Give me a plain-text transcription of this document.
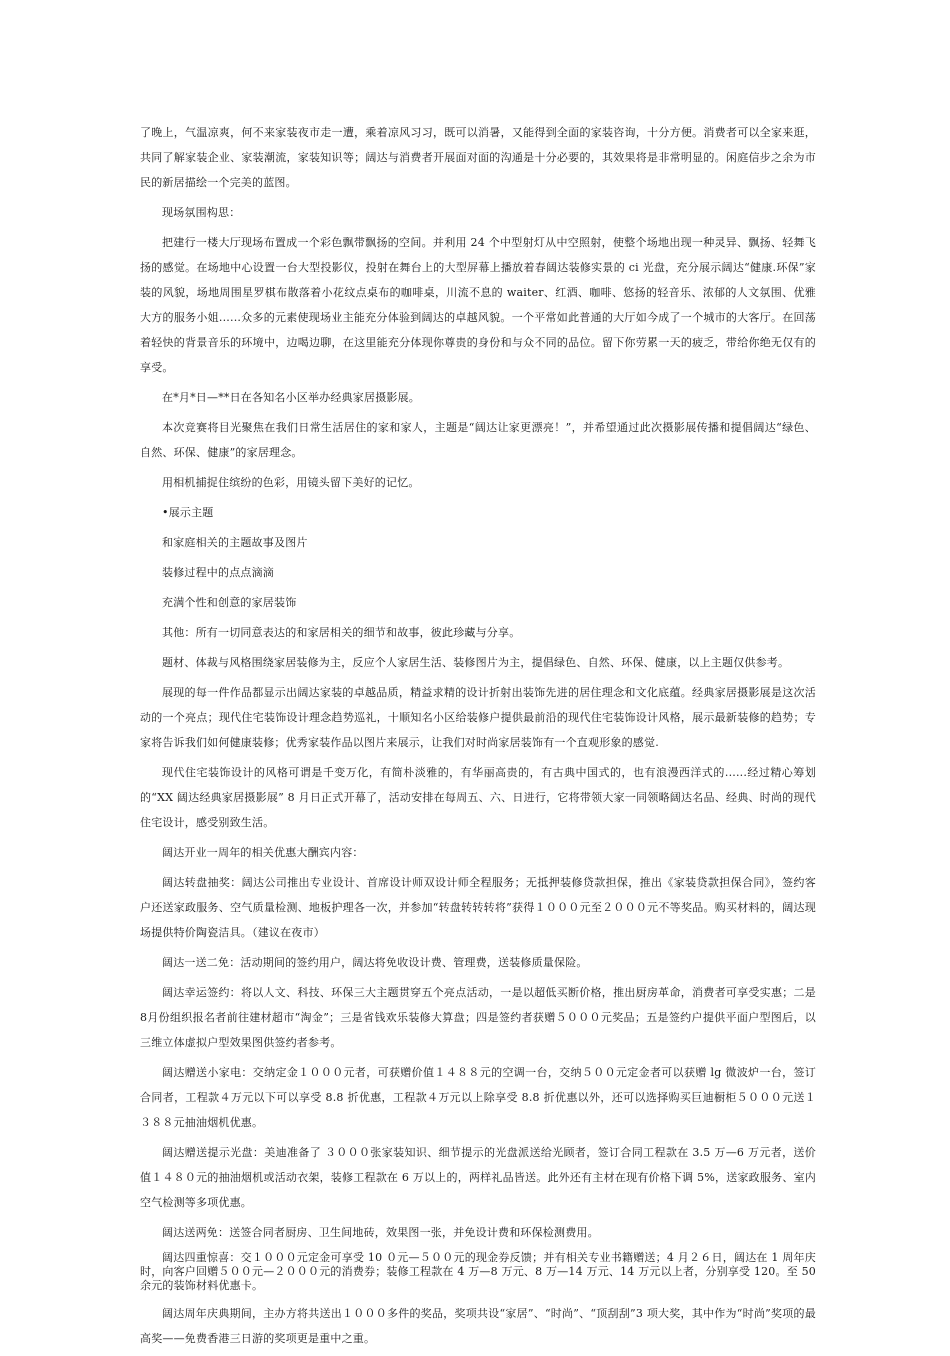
了晚上，气温凉爽，何不来家装夜市走一遭，乘着凉风习习，既可以消暑，又能得到全面的家装咨询，十分方便。消费者可以全家来逛，共同了解家装企业、家装潮流，家装知识等；阔达与消费者开展面对面的沟通是十分必要的，其效果将是非常明显的。闲庭信步之余为市民的新居描绘一个完美的蓝图。

现场氛围构思：

把建行一楼大厅现场布置成一个彩色飘带飘扬的空间。并利用 24 个中型射灯从中空照射，使整个场地出现一种灵异、飘扬、轻舞飞扬的感觉。在场地中心设置一台大型投影仪，投射在舞台上的大型屏幕上播放着春阔达装修实景的 ci 光盘，充分展示阔达“健康.环保”家装的风貌，场地周围星罗棋布散落着小花纹点桌布的咖啡桌，川流不息的 waiter、红酒、咖啡、悠扬的轻音乐、浓郁的人文氛围、优雅大方的服务小姐......众多的元素使现场业主能充分体验到阔达的卓越风貌。一个平常如此普通的大厅如今成了一个城市的大客厅。在回荡着轻快的背景音乐的环境中，边喝边聊，在这里能充分体现你尊贵的身份和与众不同的品位。留下你劳累一天的疲乏，带给你绝无仅有的享受。

在*月*日—**日在各知名小区举办经典家居摄影展。

本次竞赛将目光聚焦在我们日常生活居住的家和家人，主题是“阔达让家更漂亮！”，并希望通过此次摄影展传播和提倡阔达“绿色、自然、环保、健康”的家居理念。

用相机捕捉住缤纷的色彩，用镜头留下美好的记忆。

•展示主题

和家庭相关的主题故事及图片

装修过程中的点点滴滴

充满个性和创意的家居装饰

其他：所有一切同意表达的和家居相关的细节和故事，彼此珍藏与分享。

题材、体裁与风格围绕家居装修为主，反应个人家居生活、装修图片为主，提倡绿色、自然、环保、健康，以上主题仅供参考。

展现的每一件作品都显示出阔达家装的卓越品质，精益求精的设计折射出装饰先进的居住理念和文化底蕴。经典家居摄影展是这次活动的一个亮点；现代住宅装饰设计理念趋势巡礼，十顺知名小区给装修户提供最前沿的现代住宅装饰设计风格，展示最新装修的趋势；专家将告诉我们如何健康装修；优秀家装作品以图片来展示，让我们对时尚家居装饰有一个直观形象的感觉.

现代住宅装饰设计的风格可谓是千变万化，有简朴淡雅的，有华丽高贵的，有古典中国式的，也有浪漫西洋式的......经过精心筹划的“XX 阔达经典家居摄影展” 8 月日正式开幕了，活动安排在每周五、六、日进行，它将带领大家一同领略阔达名品、经典、时尚的现代住宅设计，感受别致生活。

阔达开业一周年的相关优惠大酬宾内容：

阔达转盘抽奖：阔达公司推出专业设计、首席设计师双设计师全程服务；无抵押装修贷款担保，推出《家装贷款担保合同》，签约客户还送家政服务、空气质量检测、地板护理各一次，并参加“转盘转转转将”获得１０００元至２０００元不等奖品。购买材料的，阔达现场提供特价陶瓷洁具。（建议在夜市）

阔达一送二免：活动期间的签约用户，阔达将免收设计费、管理费，送装修质量保险。

阔达幸运签约：将以人文、科技、环保三大主题贯穿五个亮点活动，一是以超低买断价格，推出厨房革命，消费者可享受实惠；二是 8月份组织报名者前往建材超市“淘金”；三是省钱欢乐装修大算盘；四是签约者获赠５０００元奖品；五是签约户提供平面户型图后，以三维立体虚拟户型效果图供签约者参考。

阔达赠送小家电：交纳定金１０００元者，可获赠价值１４８８元的空调一台，交纳５００元定金者可以获赠 lg 微波炉一台，签订合同者，工程款４万元以下可以享受 8.8 折优惠，工程款４万元以上除享受 8.8 折优惠以外，还可以选择购买巨迪橱柜５０００元送１３８８元抽油烟机优惠。

阔达赠送提示光盘：美迪准备了 ３０００张家装知识、细节提示的光盘派送给光顾者，签订合同工程款在 3.5 万—6 万元者，送价值１４８０元的抽油烟机或活动衣架，装修工程款在 6 万以上的，两样礼品皆送。此外还有主材在现有价格下调 5%，送家政服务、室内空气检测等多项优惠。

阔达送两免：送签合同者厨房、卫生间地砖，效果图一张，并免设计费和环保检测费用。

阔达四重惊喜：交１０００元定金可享受 10 ０元—５００元的现金券反馈；并有相关专业书籍赠送；4 月２６日，阔达在 1 周年庆时，向客户回赠５００元—２０００元的消费券；装修工程款在 4 万—8 万元、8 万—14 万元、14 万元以上者，分别享受 120。至 50 余元的装饰材料优惠卡。

阔达周年庆典期间，主办方将共送出１０００多件的奖品，奖项共设“家居”、“时尚”、“顶刮刮”3 项大奖，其中作为“时尚”奖项的最高奖——免费香港三日游的奖项更是重中之重。
